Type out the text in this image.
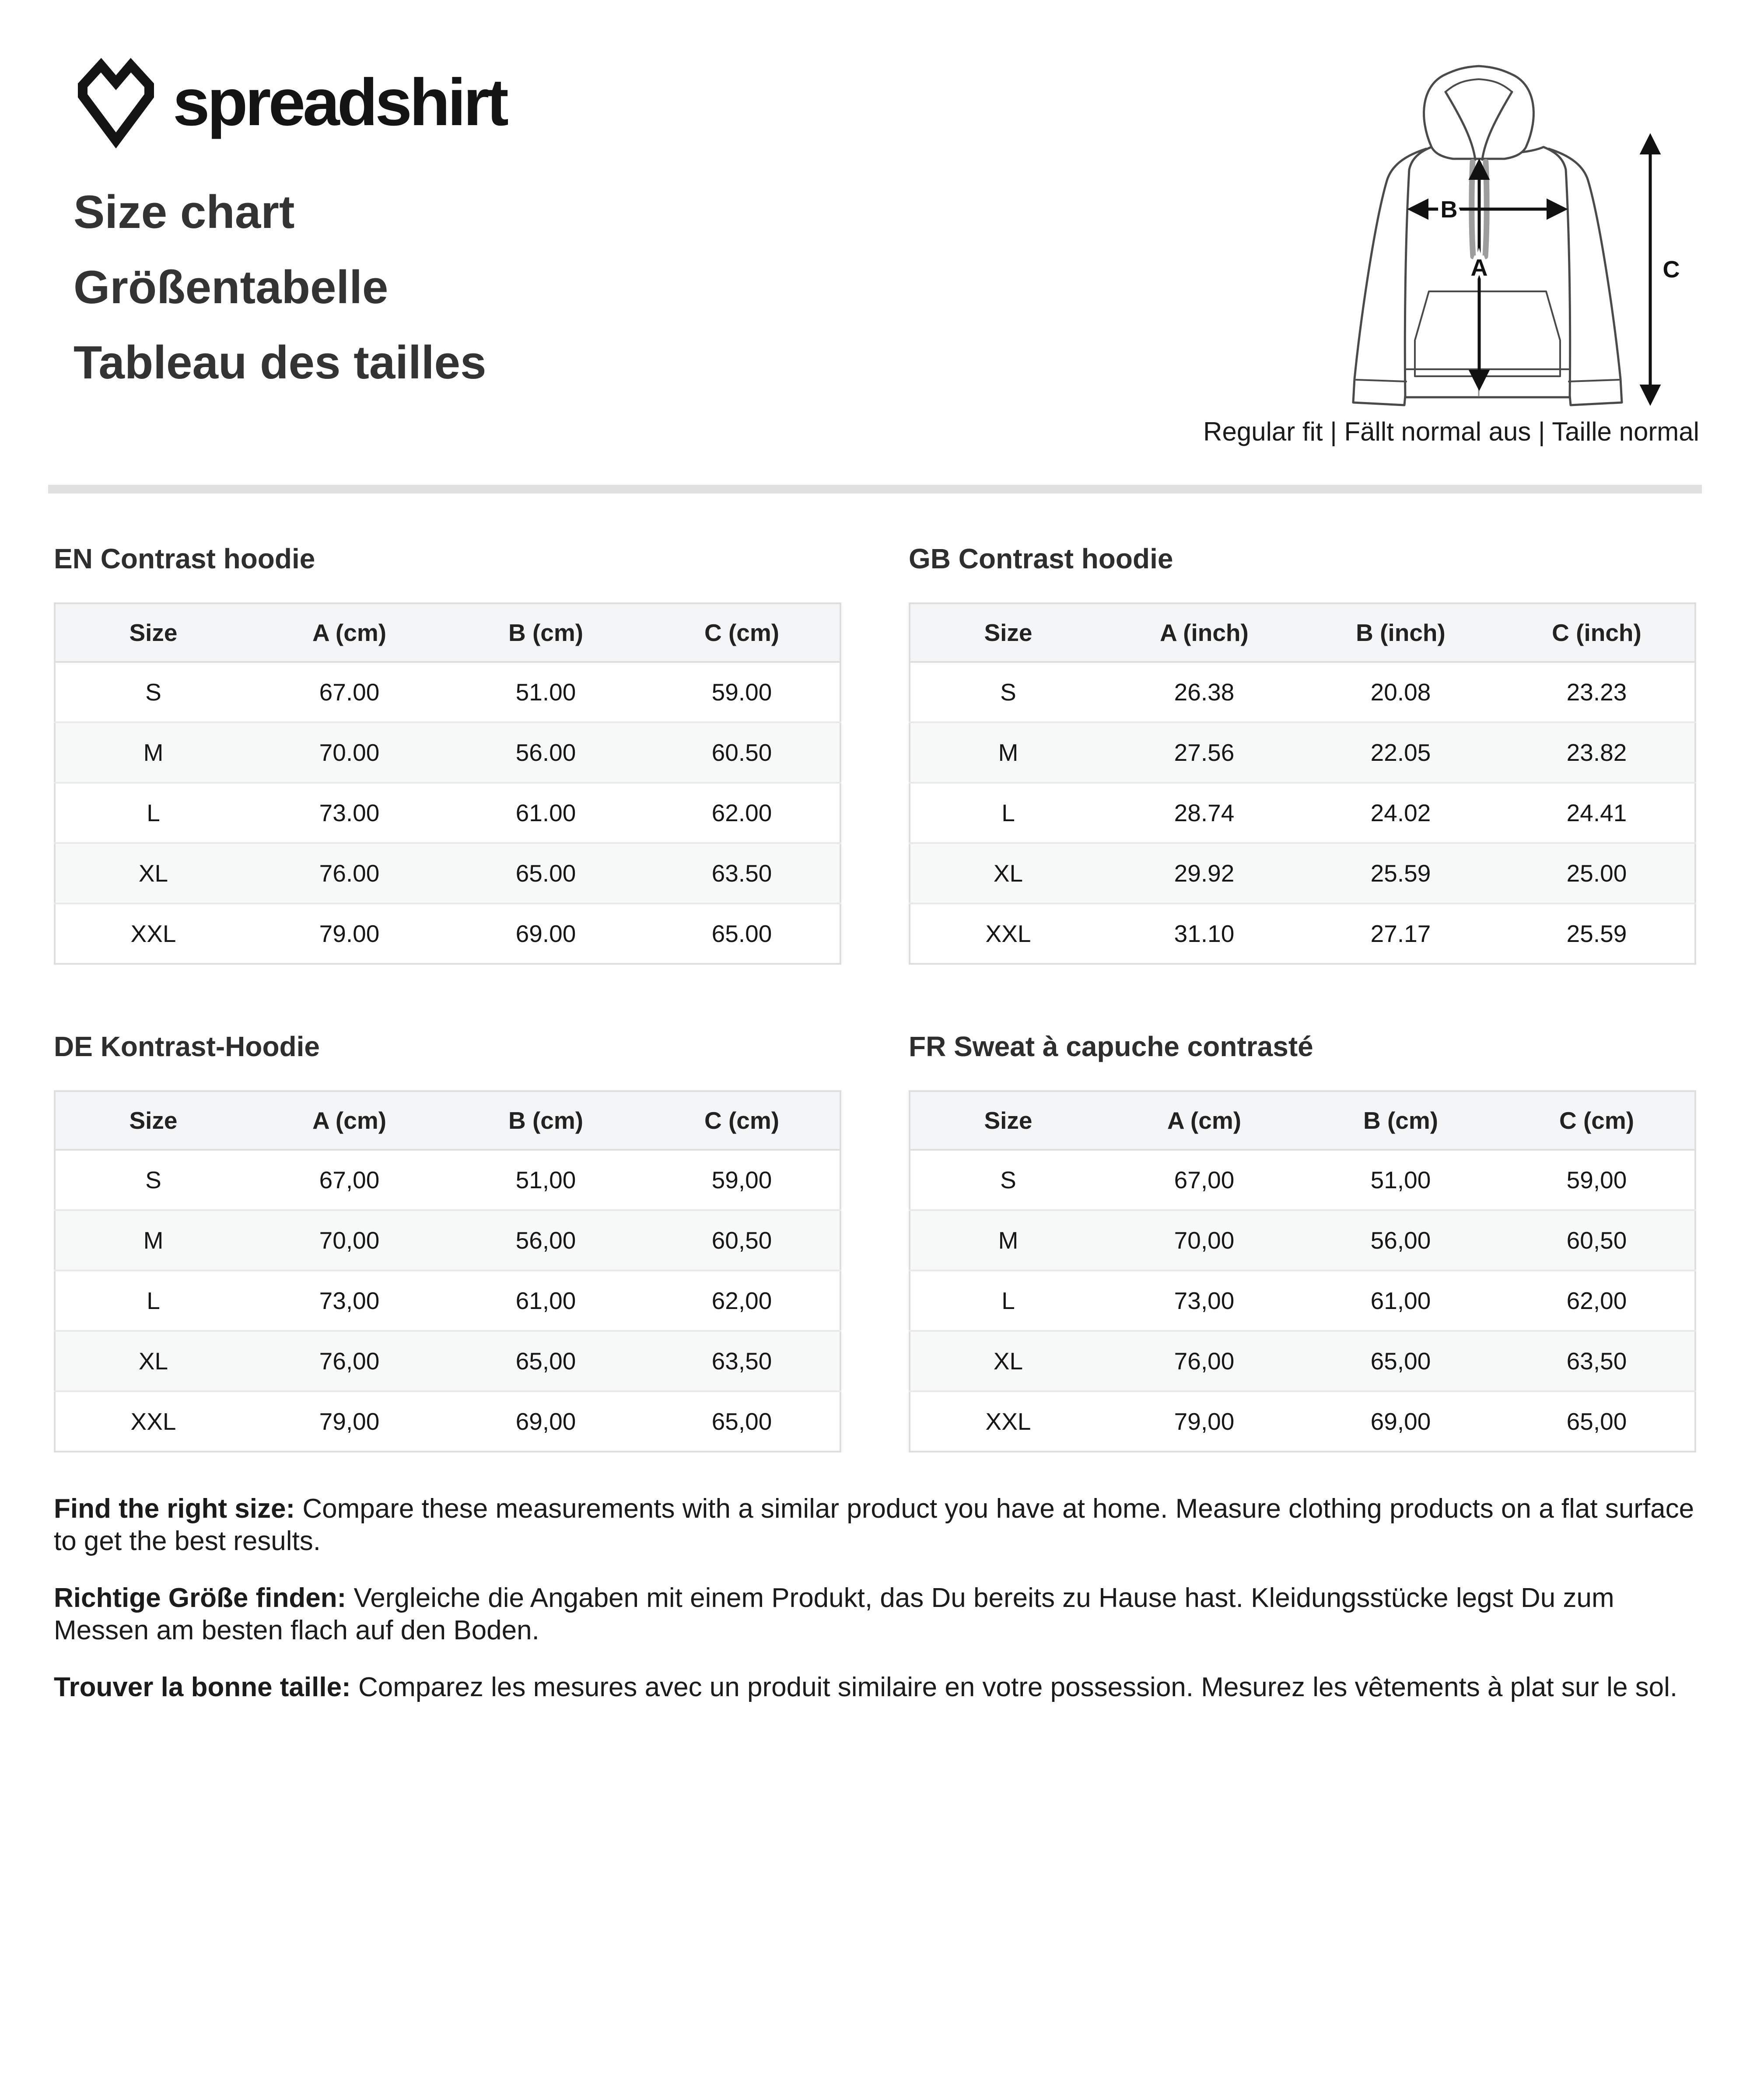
spreadshirt
Size chart
Größentabelle
Tableau des tailles
A
B
C
Regular fit | Fällt normal aus | Taille normal
EN Contrast hoodie
Size	A (cm)	B (cm)	C (cm)
S	67.00	51.00	59.00
M	70.00	56.00	60.50
L	73.00	61.00	62.00
XL	76.00	65.00	63.50
XXL	79.00	69.00	65.00
GB Contrast hoodie
Size	A (inch)	B (inch)	C (inch)
S	26.38	20.08	23.23
M	27.56	22.05	23.82
L	28.74	24.02	24.41
XL	29.92	25.59	25.00
XXL	31.10	27.17	25.59
DE Kontrast-Hoodie
Size	A (cm)	B (cm)	C (cm)
S	67,00	51,00	59,00
M	70,00	56,00	60,50
L	73,00	61,00	62,00
XL	76,00	65,00	63,50
XXL	79,00	69,00	65,00
FR Sweat à capuche contrasté
Size	A (cm)	B (cm)	C (cm)
S	67,00	51,00	59,00
M	70,00	56,00	60,50
L	73,00	61,00	62,00
XL	76,00	65,00	63,50
XXL	79,00	69,00	65,00

Find the right size: Compare these measurements with a similar product you have at home. Measure clothing products on a flat surface to get the best results.

Richtige Größe finden: Vergleiche die Angaben mit einem Produkt, das Du bereits zu Hause hast. Kleidungsstücke legst Du zum Messen am besten flach auf den Boden.

Trouver la bonne taille: Comparez les mesures avec un produit similaire en votre possession. Mesurez les vêtements à plat sur le sol.
